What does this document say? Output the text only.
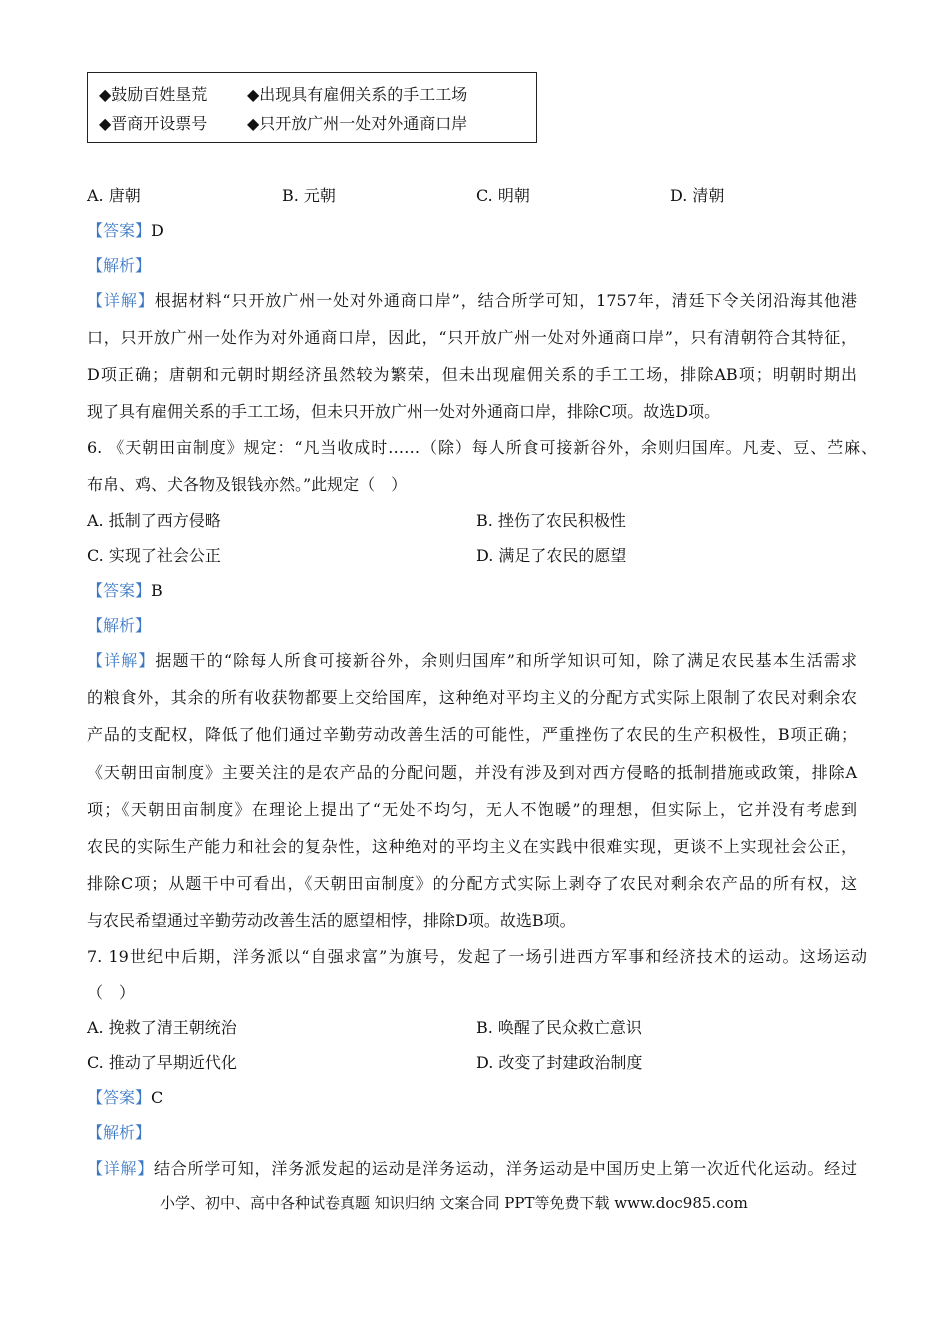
◆鼓励百姓垦荒 ◆出现具有雇佣关系的手工工场
◆晋商开设票号 ◆只开放广州一处对外通商口岸
A. 唐朝	B. 元朝	C. 明朝	D. 清朝
【答案】D
【解析】
【详解】根据材料“只开放广州一处对外通商口岸”，结合所学可知，1757年，清廷下令关闭沿海其他港
口，只开放广州一处作为对外通商口岸，因此，“只开放广州一处对外通商口岸”，只有清朝符合其特征，
D项正确；唐朝和元朝时期经济虽然较为繁荣，但未出现雇佣关系的手工工场，排除AB项；明朝时期出
现了具有雇佣关系的手工工场，但未只开放广州一处对外通商口岸，排除C项。故选D项。
6. 《天朝田亩制度》规定：“凡当收成时……（除）每人所食可接新谷外，余则归国库。凡麦、豆、苎麻、
布帛、鸡、犬各物及银钱亦然。”此规定（　）
A. 抵制了西方侵略	B. 挫伤了农民积极性
C. 实现了社会公正	D. 满足了农民的愿望
【答案】B
【解析】
【详解】据题干的“除每人所食可接新谷外，余则归国库”和所学知识可知，除了满足农民基本生活需求
的粮食外，其余的所有收获物都要上交给国库，这种绝对平均主义的分配方式实际上限制了农民对剩余农
产品的支配权，降低了他们通过辛勤劳动改善生活的可能性，严重挫伤了农民的生产积极性，B项正确；
《天朝田亩制度》主要关注的是农产品的分配问题，并没有涉及到对西方侵略的抵制措施或政策，排除A
项；《天朝田亩制度》在理论上提出了“无处不均匀，无人不饱暖”的理想，但实际上，它并没有考虑到
农民的实际生产能力和社会的复杂性，这种绝对的平均主义在实践中很难实现，更谈不上实现社会公正，
排除C项；从题干中可看出，《天朝田亩制度》的分配方式实际上剥夺了农民对剩余农产品的所有权，这
与农民希望通过辛勤劳动改善生活的愿望相悖，排除D项。故选B项。
7. 19世纪中后期，洋务派以“自强求富”为旗号，发起了一场引进西方军事和经济技术的运动。这场运动
（　）
A. 挽救了清王朝统治	B. 唤醒了民众救亡意识
C. 推动了早期近代化	D. 改变了封建政治制度
【答案】C
【解析】
【详解】结合所学可知，洋务派发起的运动是洋务运动，洋务运动是中国历史上第一次近代化运动。经过
小学、初中、高中各种试卷真题 知识归纳 文案合同 PPT等免费下载 www.doc985.com
